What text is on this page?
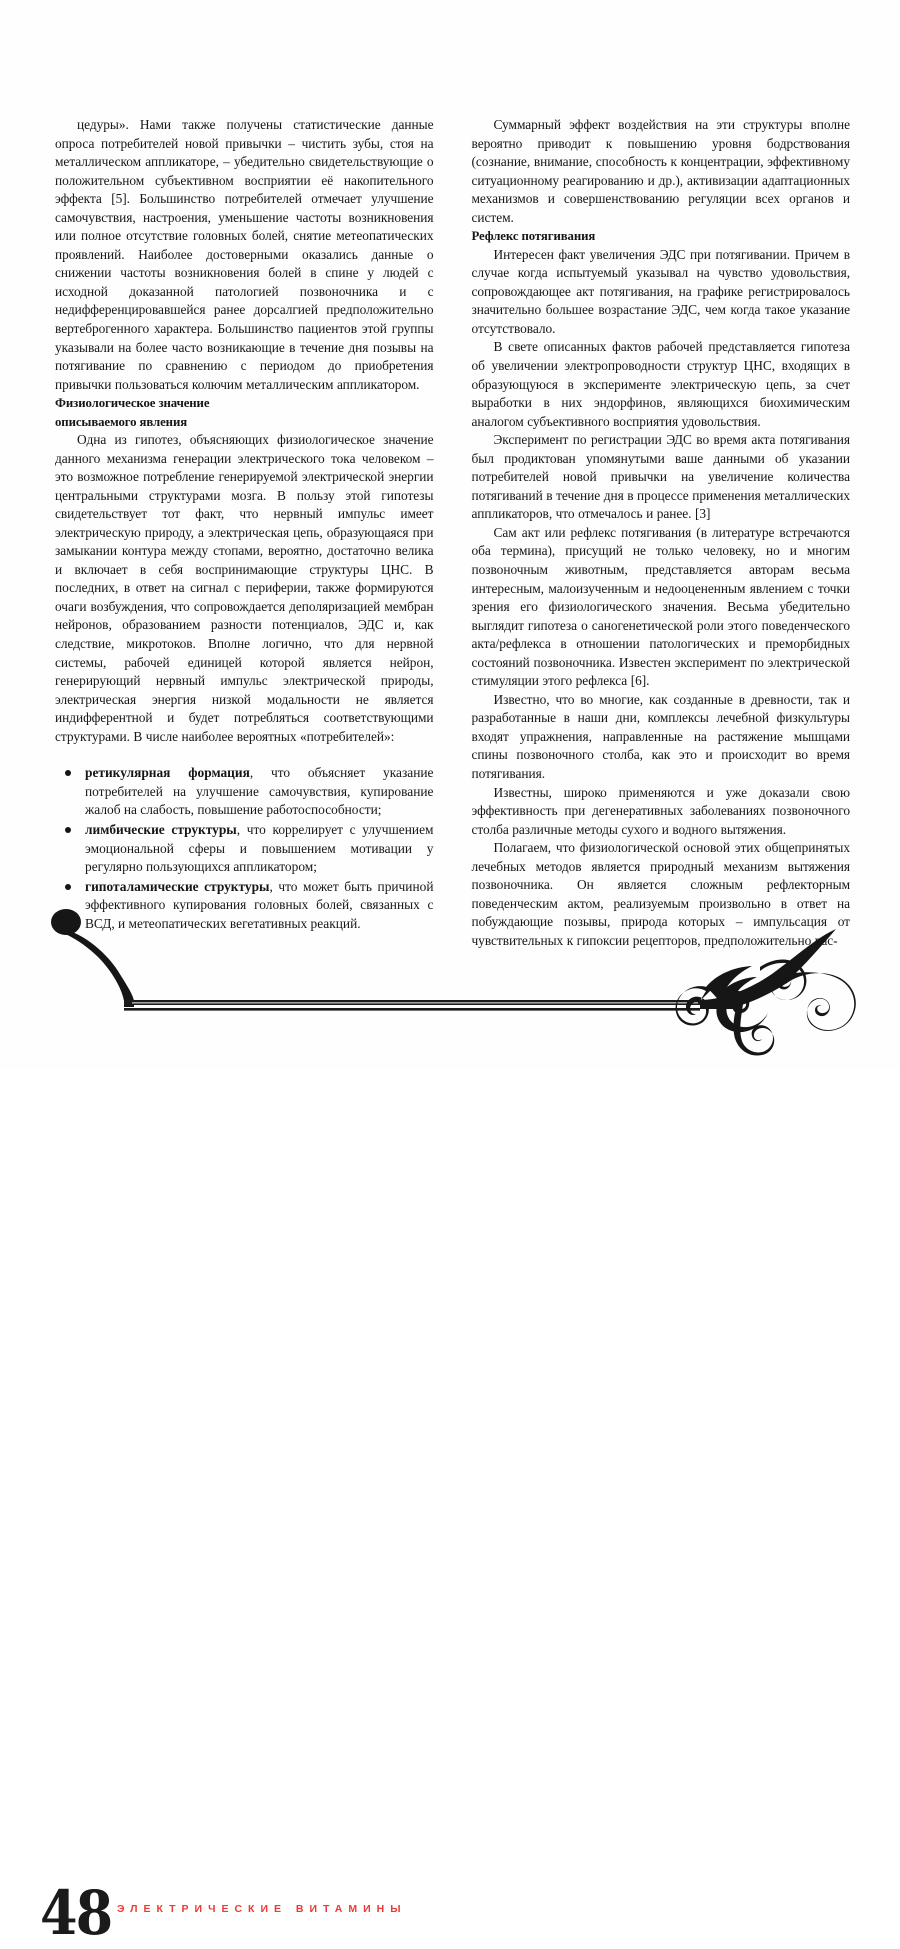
цедуры». Нами также получены статистические данные опроса потребителей новой привычки – чистить зубы, стоя на металлическом аппликаторе, – убедительно свидетельствующие о положительном субъективном восприятии её накопительного эффекта [5]. Большинство потребителей отмечает улучшение самочувствия, настроения, уменьшение частоты возникновения или полное отсутствие головных болей, снятие метеопатических проявлений. Наиболее достоверными оказались данные о снижении частоты возникновения болей в спине у людей с исходной доказанной патологией позвоночника и с недифференцировавшейся ранее дорсалгией предположительно вертеброгенного характера. Большинство пациентов этой группы указывали на более часто возникающие в течение дня позывы на потягивание по сравнению с периодом до приобретения привычки пользоваться колючим металлическим аппликатором.

Физиологическое значение
описываемого явления

Одна из гипотез, объясняющих физиологическое значение данного механизма генерации электрического тока человеком – это возможное потребление генерируемой электрической энергии центральными структурами мозга. В пользу этой гипотезы свидетельствует тот факт, что нервный импульс имеет электрическую природу, а электрическая цепь, образующаяся при замыкании контура между стопами, вероятно, достаточно велика и включает в себя воспринимающие структуры ЦНС. В последних, в ответ на сигнал с периферии, также формируются очаги возбуждения, что сопровождается деполяризацией мембран нейронов, образованием разности потенциалов, ЭДС и, как следствие, микротоков. Вполне логично, что для нервной системы, рабочей единицей которой является нейрон, генерирующий нервный импульс электрической природы, электрическая энергия низкой модальности не является индифферентной и будет потребляться соответствующими структурами. В числе наиболее вероятных «потребителей»:

ретикулярная формация, что объясняет указание потребителей на улучшение самочувствия, купирование жалоб на слабость, повышение работоспособности;
лимбические структуры, что коррелирует с улучшением эмоциональной сферы и повышением мотивации у регулярно пользующихся аппликатором;
гипоталамические структуры, что может быть причиной эффективного купирования головных болей, связанных с ВСД, и метеопатических вегетативных реакций.

Суммарный эффект воздействия на эти структуры вполне вероятно приводит к повышению уровня бодрствования (сознание, внимание, способность к концентрации, эффективному ситуационному реагированию и др.), активизации адаптационных механизмов и совершенствованию регуляции всех органов и систем.

Рефлекс потягивания

Интересен факт увеличения ЭДС при потягивании. Причем в случае когда испытуемый указывал на чувство удовольствия, сопровождающее акт потягивания, на графике регистрировалось значительно большее возрастание ЭДС, чем когда такое указание отсутствовало.

В свете описанных фактов рабочей представляется гипотеза об увеличении электропроводности структур ЦНС, входящих в образующуюся в эксперименте электрическую цепь, за счет выработки в них эндорфинов, являющихся биохимическим аналогом субъективного восприятия удовольствия.

Эксперимент по регистрации ЭДС во время акта потягивания был продиктован упомянутыми ваше данными об указании потребителей новой привычки на увеличение количества потягиваний в течение дня в процессе применения металлических аппликаторов, что отмечалось и ранее. [3]

Сам акт или рефлекс потягивания (в литературе встречаются оба термина), присущий не только человеку, но и многим позвоночным животным, представляется авторам весьма интересным, малоизученным и недооцененным явлением с точки зрения его физиологического значения. Весьма убедительно выглядит гипотеза о саногенетической роли этого поведенческого акта/рефлекса в отношении патологических и преморбидных состояний позвоночника. Известен эксперимент по электрической стимуляции этого рефлекса [6].

Известно, что во многие, как созданные в древности, так и разработанные в наши дни, комплексы лечебной физкультуры входят упражнения, направленные на растяжение мышцами спины позвоночного столба, как это и происходит во время потягивания.

Известны, широко применяются и уже доказали свою эффективность при дегенеративных заболеваниях позвоночного столба различные методы сухого и водного вытяжения.

Полагаем, что физиологической основой этих общепринятых лечебных методов является природный механизм вытяжения позвоночника. Он является сложным рефлекторным поведенческим актом, реализуемым произвольно в ответ на побуждающие позывы, природа которых – импульсация от чувствительных к гипоксии рецепторов, предположительно рас-

48 ЭЛЕКТРИЧЕСКИЕ ВИТАМИНЫ
